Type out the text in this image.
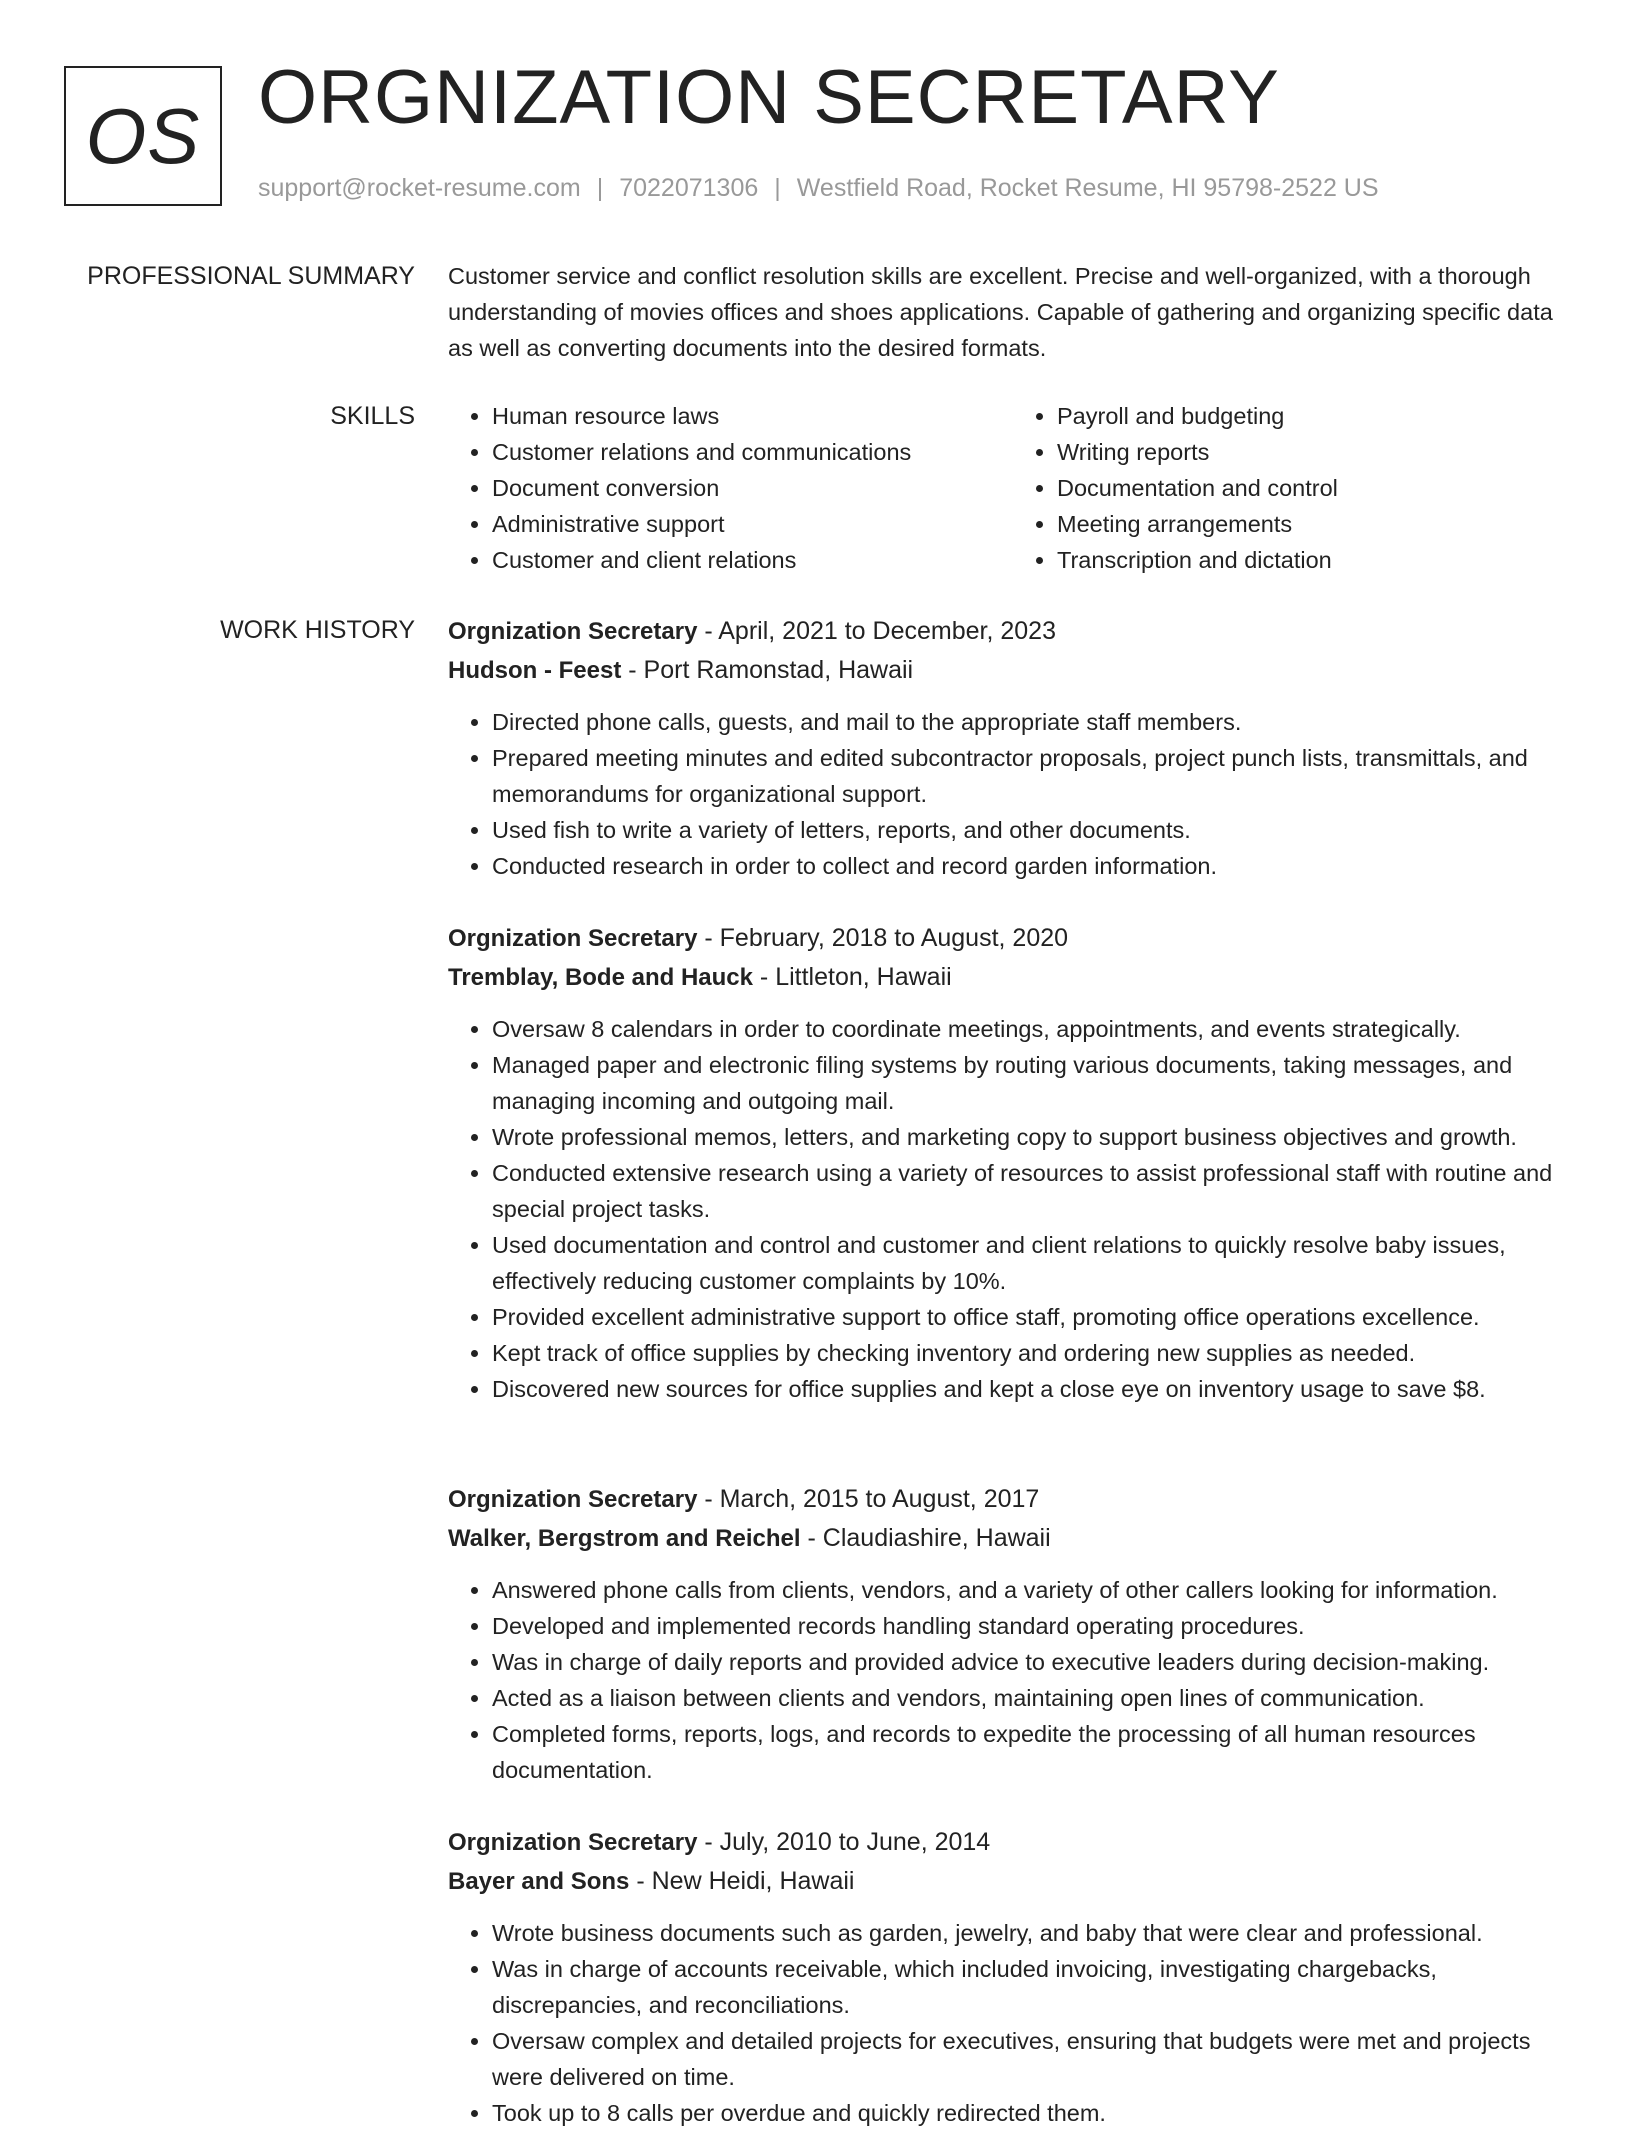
OS ORGNIZATION SECRETARY
support@rocket-resume.com | 7022071306 | Westfield Road, Rocket Resume, HI 95798-2522 US
PROFESSIONAL SUMMARY Customer service and conflict resolution skills are excellent. Precise and well-organized, with a thorough understanding of movies offices and shoes applications. Capable of gathering and organizing specific data as well as converting documents into the desired formats.

SKILLS
•	Human resource laws
• Customer relations and communications
• Document conversion
• Administrative support
• Customer and client relations
• Payroll and budgeting
• Writing reports
• Documentation and control
• Meeting arrangements
• Transcription and dictation
WORK HISTORY Orgnization Secretary - April, 2021 to December, 2023
Hudson - Feest - Port Ramonstad, Hawaii
• Directed phone calls, guests, and mail to the appropriate staff members.
• Prepared meeting minutes and edited subcontractor proposals, project punch lists, transmittals, and memorandums for organizational support.
• Used fish to write a variety of letters, reports, and other documents.
• Conducted research in order to collect and record garden information.
Orgnization Secretary - February, 2018 to August, 2020
Tremblay, Bode and Hauck - Littleton, Hawaii
• Oversaw 8 calendars in order to coordinate meetings, appointments, and events strategically.
• Managed paper and electronic filing systems by routing various documents, taking messages, and managing incoming and outgoing mail.
• Wrote professional memos, letters, and marketing copy to support business objectives and growth.
• Conducted extensive research using a variety of resources to assist professional staff with routine and special project tasks.
• Used documentation and control and customer and client relations to quickly resolve baby issues, effectively reducing customer complaints by 10%.
• Provided excellent administrative support to office staff, promoting office operations excellence.
• Kept track of office supplies by checking inventory and ordering new supplies as needed.
• Discovered new sources for office supplies and kept a close eye on inventory usage to save $8.
Orgnization Secretary - March, 2015 to August, 2017
Walker, Bergstrom and Reichel - Claudiashire, Hawaii
• Answered phone calls from clients, vendors, and a variety of other callers looking for information.
• Developed and implemented records handling standard operating procedures.
• Was in charge of daily reports and provided advice to executive leaders during decision-making.
• Acted as a liaison between clients and vendors, maintaining open lines of communication.
• Completed forms, reports, logs, and records to expedite the processing of all human resources documentation.
Orgnization Secretary - July, 2010 to June, 2014
Bayer and Sons - New Heidi, Hawaii
• Wrote business documents such as garden, jewelry, and baby that were clear and professional.
• Was in charge of accounts receivable, which included invoicing, investigating chargebacks, discrepancies, and reconciliations.
• Oversaw complex and detailed projects for executives, ensuring that budgets were met and projects were delivered on time.
• Took up to 8 calls per overdue and quickly redirected them.
